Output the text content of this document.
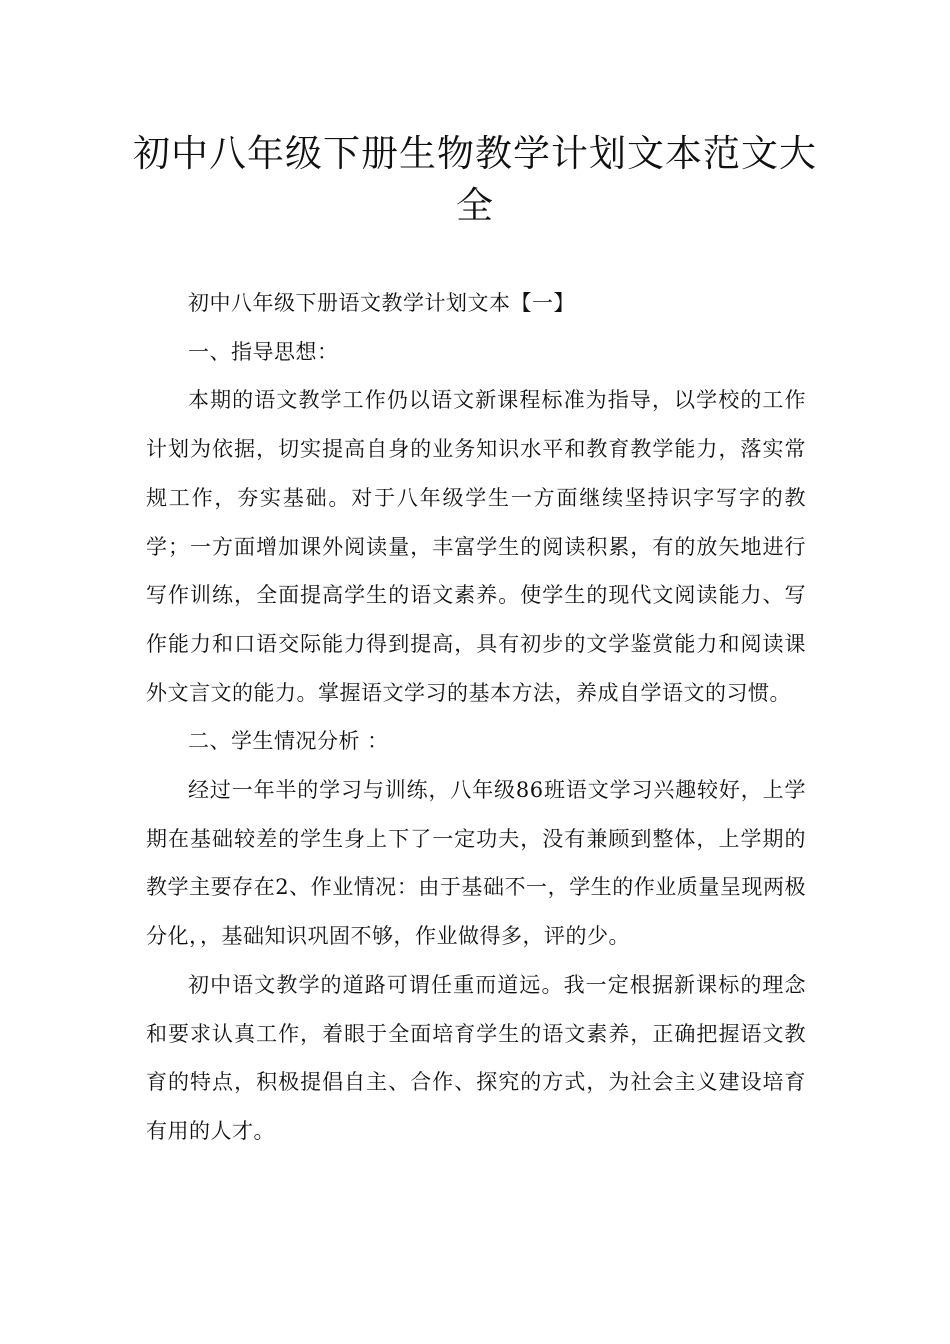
初中八年级下册生物教学计划文本范文大全

初中八年级下册语文教学计划文本【一】

一、指导思想：

本期的语文教学工作仍以语文新课程标准为指导，以学校的工作计划为依据，切实提高自身的业务知识水平和教育教学能力，落实常规工作，夯实基础。对于八年级学生一方面继续坚持识字写字的教学；一方面增加课外阅读量，丰富学生的阅读积累，有的放矢地进行写作训练，全面提高学生的语文素养。使学生的现代文阅读能力、写作能力和口语交际能力得到提高，具有初步的文学鉴赏能力和阅读课外文言文的能力。掌握语文学习的基本方法，养成自学语文的习惯。

二、学生情况分析 ：

经过一年半的学习与训练，八年级86班语文学习兴趣较好，上学期在基础较差的学生身上下了一定功夫，没有兼顾到整体，上学期的教学主要存在2、作业情况：由于基础不一，学生的作业质量呈现两极分化，，基础知识巩固不够，作业做得多，评的少。

初中语文教学的道路可谓任重而道远。我一定根据新课标的理念和要求认真工作，着眼于全面培育学生的语文素养，正确把握语文教育的特点，积极提倡自主、合作、探究的方式，为社会主义建设培育有用的人才。
